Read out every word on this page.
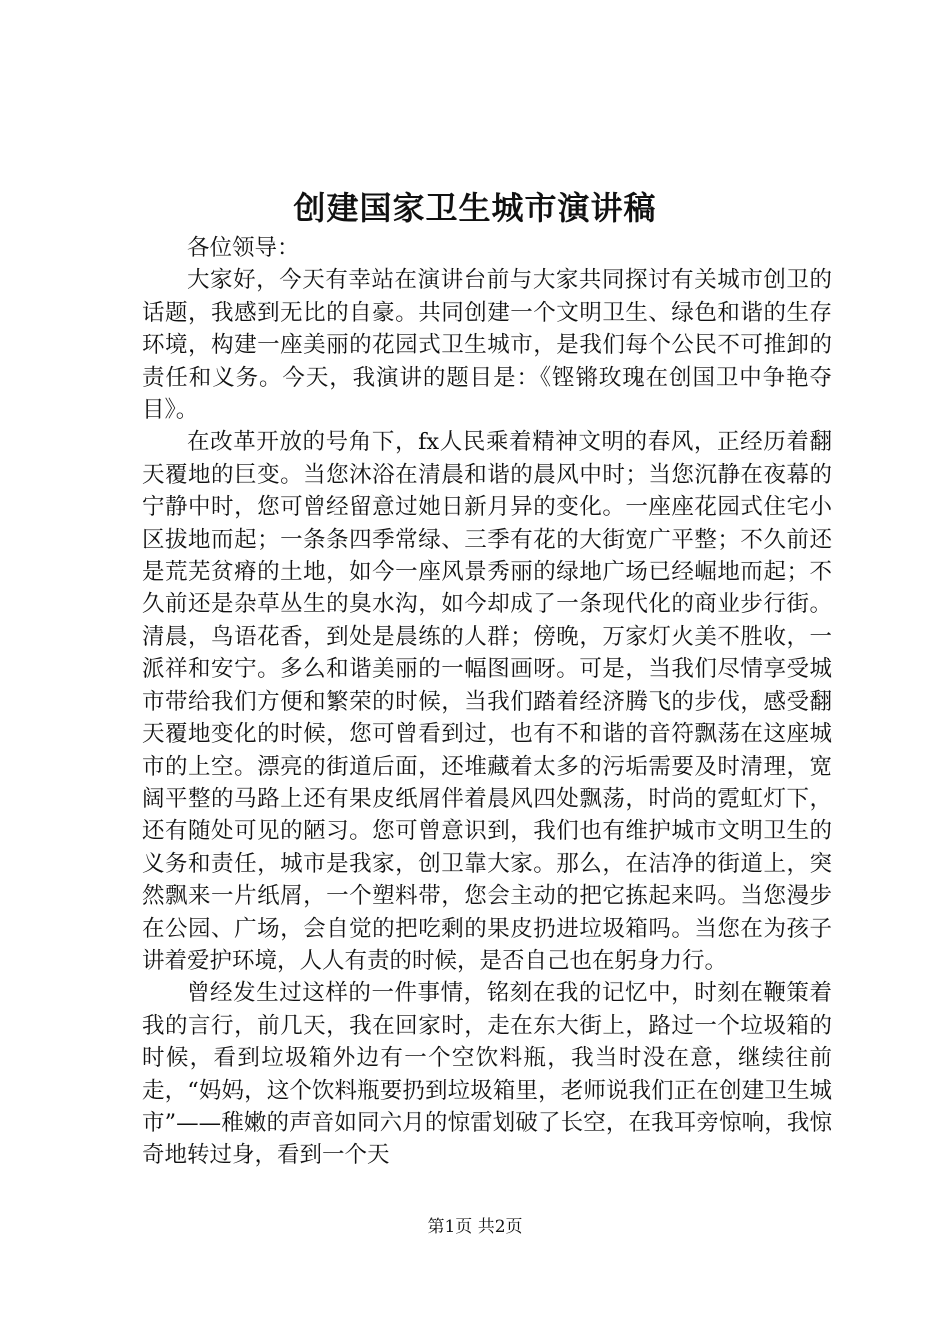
创建国家卫生城市演讲稿

各位领导：

大家好，今天有幸站在演讲台前与大家共同探讨有关城市创卫的话题，我感到无比的自豪。共同创建一个文明卫生、绿色和谐的生存环境，构建一座美丽的花园式卫生城市，是我们每个公民不可推卸的责任和义务。今天，我演讲的题目是：《铿锵玫瑰在创国卫中争艳夺目》。

在改革开放的号角下，fx人民乘着精神文明的春风，正经历着翻天覆地的巨变。当您沐浴在清晨和谐的晨风中时；当您沉静在夜幕的宁静中时，您可曾经留意过她日新月异的变化。一座座花园式住宅小区拔地而起；一条条四季常绿、三季有花的大街宽广平整；不久前还是荒芜贫瘠的土地，如今一座风景秀丽的绿地广场已经崛地而起；不久前还是杂草丛生的臭水沟，如今却成了一条现代化的商业步行街。清晨，鸟语花香，到处是晨练的人群；傍晚，万家灯火美不胜收，一派祥和安宁。多么和谐美丽的一幅图画呀。可是，当我们尽情享受城市带给我们方便和繁荣的时候，当我们踏着经济腾飞的步伐，感受翻天覆地变化的时候，您可曾看到过，也有不和谐的音符飘荡在这座城市的上空。漂亮的街道后面，还堆藏着太多的污垢需要及时清理，宽阔平整的马路上还有果皮纸屑伴着晨风四处飘荡，时尚的霓虹灯下，还有随处可见的陋习。您可曾意识到，我们也有维护城市文明卫生的义务和责任，城市是我家，创卫靠大家。那么，在洁净的街道上，突然飘来一片纸屑，一个塑料带，您会主动的把它拣起来吗。当您漫步在公园、广场，会自觉的把吃剩的果皮扔进垃圾箱吗。当您在为孩子讲着爱护环境，人人有责的时候，是否自己也在躬身力行。

曾经发生过这样的一件事情，铭刻在我的记忆中，时刻在鞭策着我的言行，前几天，我在回家时，走在东大街上，路过一个垃圾箱的时候，看到垃圾箱外边有一个空饮料瓶，我当时没在意，继续往前走，“妈妈，这个饮料瓶要扔到垃圾箱里，老师说我们正在创建卫生城市”——稚嫩的声音如同六月的惊雷划破了长空，在我耳旁惊响，我惊奇地转过身，看到一个天

第1页 共2页
